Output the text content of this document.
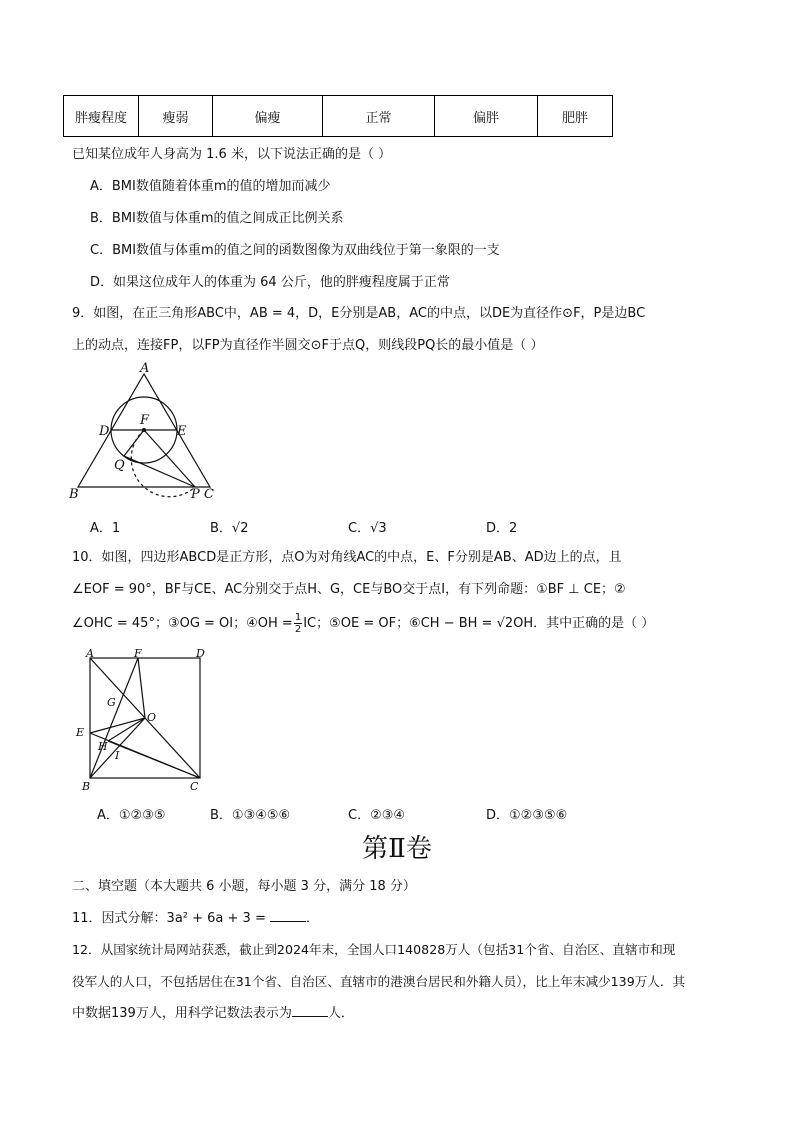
胖瘦程度	瘦弱	偏瘦	正常	偏胖	肥胖
已知某位成年人身高为 1.6 米，以下说法正确的是（ ）
A．BMI数值随着体重m的值的增加而减少
B．BMI数值与体重m的值之间成正比例关系
C．BMI数值与体重m的值之间的函数图像为双曲线位于第一象限的一支
D．如果这位成年人的体重为 64 公斤，他的胖瘦程度属于正常
9．如图，在正三角形ABC中，AB = 4，D，E分别是AB，AC的中点，以DE为直径作⊙F，P是边BC
上的动点，连接FP，以FP为直径作半圆交⊙F于点Q，则线段PQ长的最小值是（ ）
A
B	C
D	E
F
P
Q
A．1	B．√2	C．√3	D．2
10．如图，四边形ABCD是正方形，点O为对角线AC的中点，E、F分别是AB、AD边上的点，且
∠EOF = 90°，BF与CE、AC分别交于点H、G，CE与BO交于点I，有下列命题：①BF ⊥ CE；②
∠OHC = 45°；③OG = OI；④OH = $\frac{1}{2}$ IC；⑤OE = OF；⑥CH − BH = √2OH．其中正确的是（ ）
A	D
B	C
E
F
G
H
I
O
A．①②③⑤	B．①③④⑤⑥	C．②③④	D．①②③⑤⑥
第Ⅱ卷
二、填空题（本大题共 6 小题，每小题 3 分，满分 18 分）
11．因式分解：3a² + 6a + 3 =	．
12．从国家统计局网站获悉，截止到2024年末，全国人口140828万人（包括31个省、自治区、直辖市和现
役军人的人口，不包括居住在31个省、自治区、直辖市的港澳台居民和外籍人员），比上年末减少139万人．其
中数据139万人，用科学记数法表示为	人．
